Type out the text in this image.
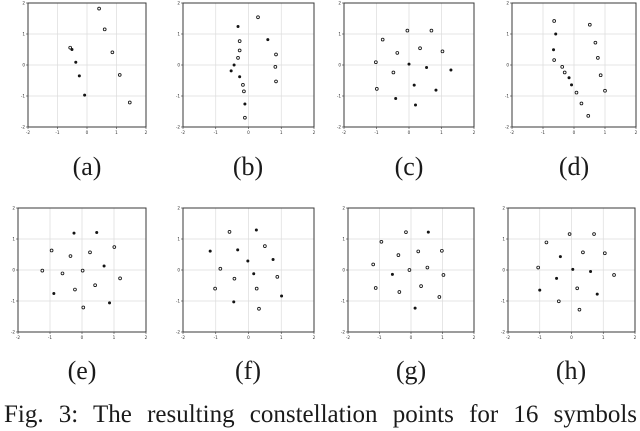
-2	-1	0	1	2
-2
-1
0
1
2
-2	-1	0	1	2
-2
-1
0
1
2
-2	-1	0	1	2
-2
-1
0
1
2
-2	-1	0	1	2
-2
-1
0
1
2
(a)	(b)	(c)	(d)
-2	-1	0	1	2
-2
-1
0
1
2
-2	-1	0	1	2
-2
-1
0
1
2
-2	-1	0	1	2
-2
-1
0
1
2
-2	-1	0	1	2
-2
-1
0
1
2
(e)	(f)	(g)	(h)
Fig. 3: The resulting constellation points for 16 symbols
